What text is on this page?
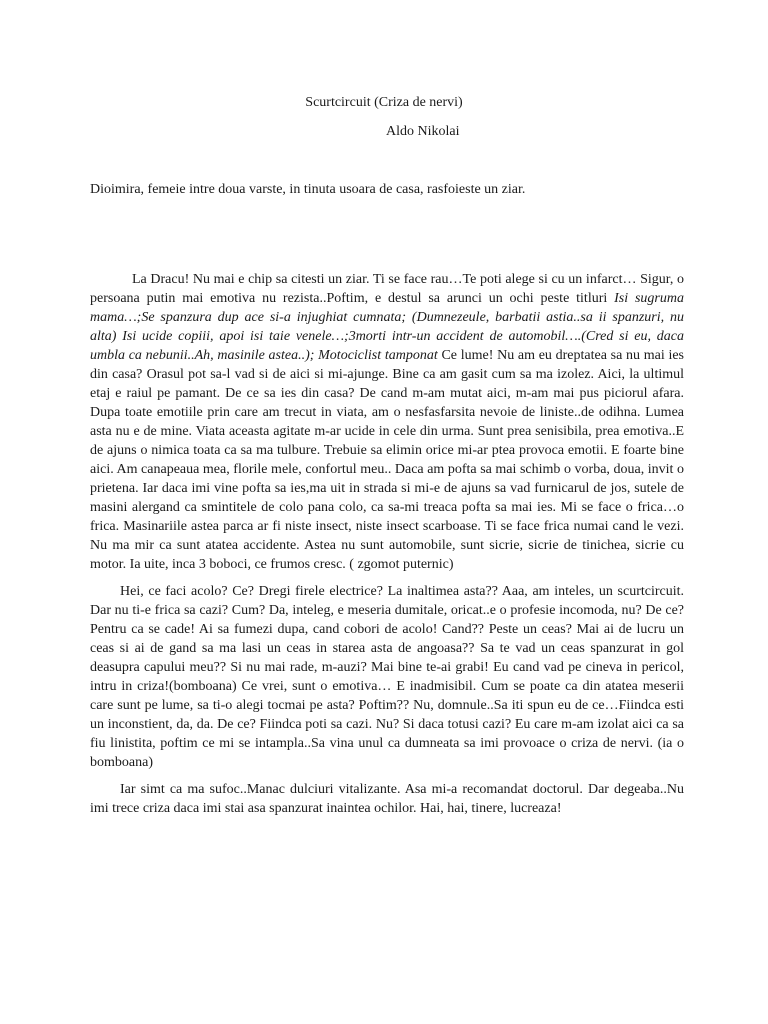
Scurtcircuit (Criza de nervi)
Aldo Nikolai

Dioimira, femeie intre doua varste, in tinuta usoara de casa, rasfoieste un ziar.

La Dracu! Nu mai e chip sa citesti un ziar. Ti se face rau…Te poti alege si cu un infarct… Sigur, o persoana putin mai emotiva nu rezista..Poftim, e destul sa arunci un ochi peste titluri Isi sugruma mama…;Se spanzura dup ace si-a injughiat cumnata; (Dumnezeule, barbatii astia..sa ii spanzuri, nu alta) Isi ucide copiii, apoi isi taie venele…;3morti intr-un accident de automobil….(Cred si eu, daca umbla ca nebunii..Ah, masinile astea..); Motociclist tamponat Ce lume! Nu am eu dreptatea sa nu mai ies din casa? Orasul pot sa-l vad si de aici si mi-ajunge. Bine ca am gasit cum sa ma izolez. Aici, la ultimul etaj e raiul pe pamant. De ce sa ies din casa? De cand m-am mutat aici, m-am mai pus piciorul afara. Dupa toate emotiile prin care am trecut in viata, am o nesfasfarsita nevoie de liniste..de odihna. Lumea asta nu e de mine. Viata aceasta agitate m-ar ucide in cele din urma. Sunt prea senisibila, prea emotiva..E de ajuns o nimica toata ca sa ma tulbure. Trebuie sa elimin orice mi-ar ptea provoca emotii. E foarte bine aici. Am canapeaua mea, florile mele, confortul meu.. Daca am pofta sa mai schimb o vorba, doua, invit o prietena. Iar daca imi vine pofta sa ies,ma uit in strada si mi-e de ajuns sa vad furnicarul de jos, sutele de masini alergand ca smintitele de colo pana colo, ca sa-mi treaca pofta sa mai ies. Mi se face o frica…o frica. Masinariile astea parca ar fi niste insect, niste insect scarboase. Ti se face frica numai cand le vezi. Nu ma mir ca sunt atatea accidente. Astea nu sunt automobile, sunt sicrie, sicrie de tinichea, sicrie cu motor. Ia uite, inca 3 boboci, ce frumos cresc. ( zgomot puternic)

Hei, ce faci acolo? Ce? Dregi firele electrice? La inaltimea asta?? Aaa, am inteles, un scurtcircuit. Dar nu ti-e frica sa cazi? Cum? Da, inteleg, e meseria dumitale, oricat..e o profesie incomoda, nu? De ce? Pentru ca se cade! Ai sa fumezi dupa, cand cobori de acolo! Cand?? Peste un ceas? Mai ai de lucru un ceas si ai de gand sa ma lasi un ceas in starea asta de angoasa?? Sa te vad un ceas spanzurat in gol deasupra capului meu?? Si nu mai rade, m-auzi? Mai bine te-ai grabi! Eu cand vad pe cineva in pericol, intru in criza!(bomboana) Ce vrei, sunt o emotiva… E inadmisibil. Cum se poate ca din atatea meserii care sunt pe lume, sa ti-o alegi tocmai pe asta? Poftim?? Nu, domnule..Sa iti spun eu de ce…Fiindca esti un inconstient, da, da. De ce? Fiindca poti sa cazi. Nu? Si daca totusi cazi? Eu care m-am izolat aici ca sa fiu linistita, poftim ce mi se intampla..Sa vina unul ca dumneata sa imi provoace o criza de nervi. (ia o bomboana)

Iar simt ca ma sufoc..Manac dulciuri vitalizante. Asa mi-a recomandat doctorul. Dar degeaba..Nu imi trece criza daca imi stai asa spanzurat inaintea ochilor. Hai, hai, tinere, lucreaza!
